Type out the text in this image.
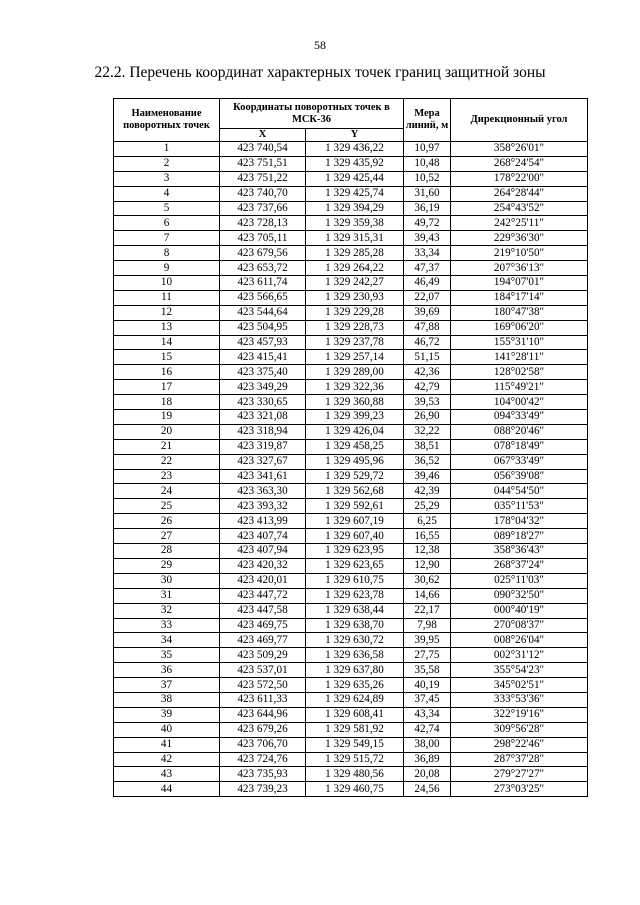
58
22.2. Перечень координат характерных точек границ защитной зоны
Наименование поворотных точек	Координаты поворотных точек в МСК-36		Мера линий, м	Дирекционный угол
	X	Y		
1	423 740,54	1 329 436,22	10,97	358°26'01"
2	423 751,51	1 329 435,92	10,48	268°24'54"
3	423 751,22	1 329 425,44	10,52	178°22'00"
4	423 740,70	1 329 425,74	31,60	264°28'44"
5	423 737,66	1 329 394,29	36,19	254°43'52"
6	423 728,13	1 329 359,38	49,72	242°25'11"
7	423 705,11	1 329 315,31	39,43	229°36'30"
8	423 679,56	1 329 285,28	33,34	219°10'50"
9	423 653,72	1 329 264,22	47,37	207°36'13"
10	423 611,74	1 329 242,27	46,49	194°07'01"
11	423 566,65	1 329 230,93	22,07	184°17'14"
12	423 544,64	1 329 229,28	39,69	180°47'38"
13	423 504,95	1 329 228,73	47,88	169°06'20"
14	423 457,93	1 329 237,78	46,72	155°31'10"
15	423 415,41	1 329 257,14	51,15	141°28'11"
16	423 375,40	1 329 289,00	42,36	128°02'58"
17	423 349,29	1 329 322,36	42,79	115°49'21"
18	423 330,65	1 329 360,88	39,53	104°00'42"
19	423 321,08	1 329 399,23	26,90	094°33'49"
20	423 318,94	1 329 426,04	32,22	088°20'46"
21	423 319,87	1 329 458,25	38,51	078°18'49"
22	423 327,67	1 329 495,96	36,52	067°33'49"
23	423 341,61	1 329 529,72	39,46	056°39'08"
24	423 363,30	1 329 562,68	42,39	044°54'50"
25	423 393,32	1 329 592,61	25,29	035°11'53"
26	423 413,99	1 329 607,19	6,25	178°04'32"
27	423 407,74	1 329 607,40	16,55	089°18'27"
28	423 407,94	1 329 623,95	12,38	358°36'43"
29	423 420,32	1 329 623,65	12,90	268°37'24"
30	423 420,01	1 329 610,75	30,62	025°11'03"
31	423 447,72	1 329 623,78	14,66	090°32'50"
32	423 447,58	1 329 638,44	22,17	000°40'19"
33	423 469,75	1 329 638,70	7,98	270°08'37"
34	423 469,77	1 329 630,72	39,95	008°26'04"
35	423 509,29	1 329 636,58	27,75	002°31'12"
36	423 537,01	1 329 637,80	35,58	355°54'23"
37	423 572,50	1 329 635,26	40,19	345°02'51"
38	423 611,33	1 329 624,89	37,45	333°53'36"
39	423 644,96	1 329 608,41	43,34	322°19'16"
40	423 679,26	1 329 581,92	42,74	309°56'28"
41	423 706,70	1 329 549,15	38,00	298°22'46"
42	423 724,76	1 329 515,72	36,89	287°37'28"
43	423 735,93	1 329 480,56	20,08	279°27'27"
44	423 739,23	1 329 460,75	24,56	273°03'25"
